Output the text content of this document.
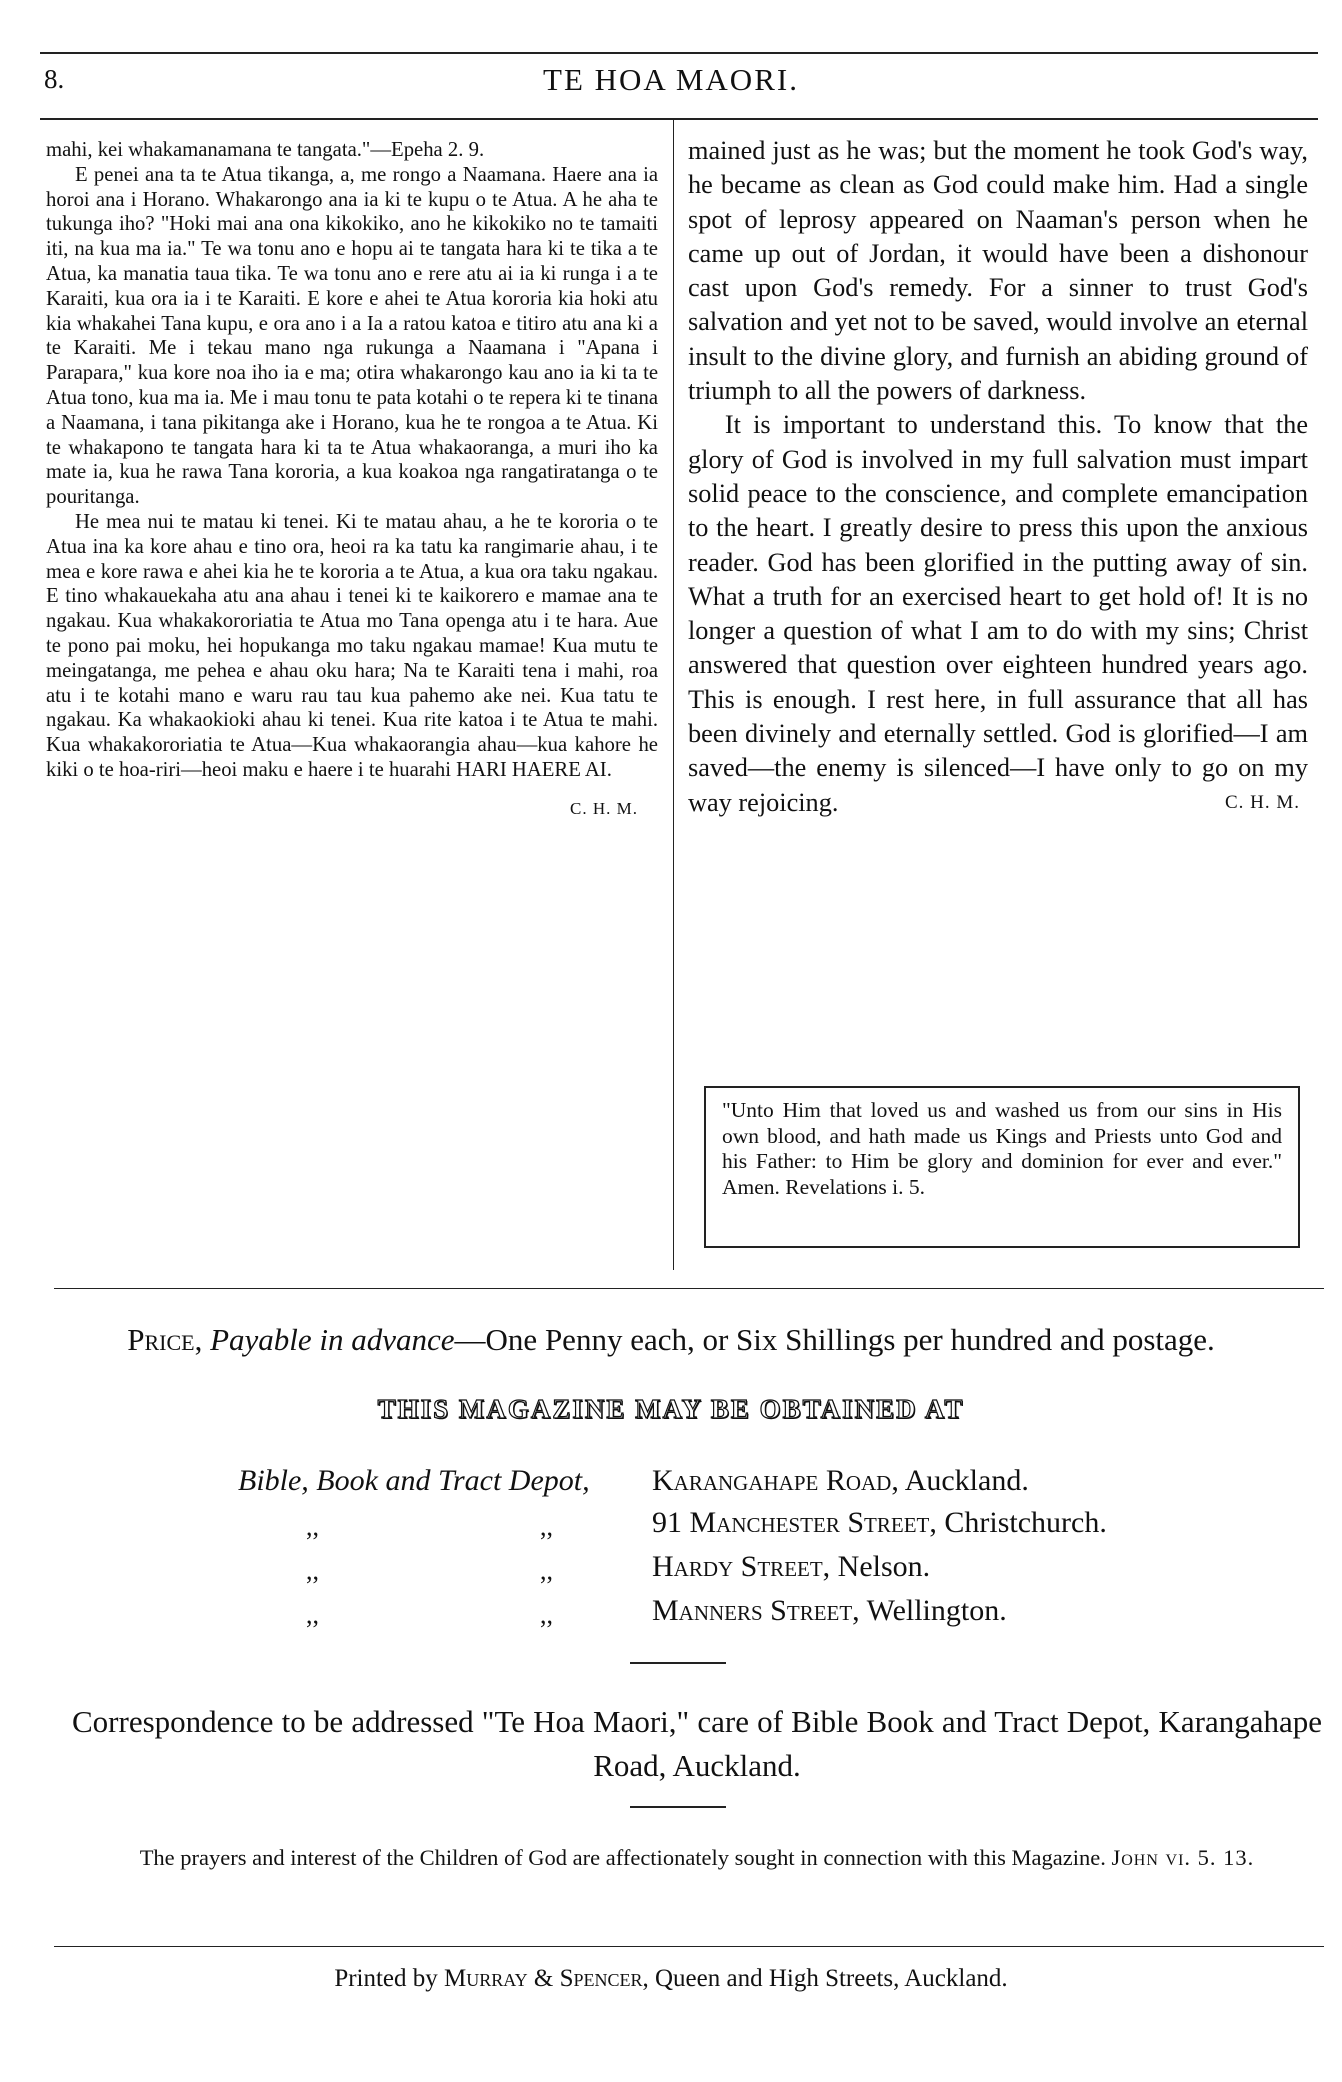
8.	TE HOA MAORI.

mahi, kei whakamanamana te tangata."—Epeha 2. 9.

E penei ana ta te Atua tikanga, a, me rongo a Naamana. Haere ana ia horoi ana i Horano. Whakarongo ana ia ki te kupu o te Atua. A he aha te tukunga iho? "Hoki mai ana ona kikokiko, ano he kikokiko no te tamaiti iti, na kua ma ia." Te wa tonu ano e hopu ai te tangata hara ki te tika a te Atua, ka manatia taua tika. Te wa tonu ano e rere atu ai ia ki runga i a te Karaiti, kua ora ia i te Karaiti. E kore e ahei te Atua kororia kia hoki atu kia whakahei Tana kupu, e ora ano i a Ia a ratou katoa e titiro atu ana ki a te Karaiti. Me i tekau mano nga rukunga a Naamana i "Apana i Parapara," kua kore noa iho ia e ma; otira whakarongo kau ano ia ki ta te Atua tono, kua ma ia. Me i mau tonu te pata kotahi o te repera ki te tinana a Naamana, i tana pikitanga ake i Horano, kua he te rongoa a te Atua. Ki te whakapono te tangata hara ki ta te Atua whakaoranga, a muri iho ka mate ia, kua he rawa Tana kororia, a kua koakoa nga rangatiratanga o te pouritanga.

He mea nui te matau ki tenei. Ki te matau ahau, a he te kororia o te Atua ina ka kore ahau e tino ora, heoi ra ka tatu ka rangimarie ahau, i te mea e kore rawa e ahei kia he te kororia a te Atua, a kua ora taku ngakau. E tino whakauekaha atu ana ahau i tenei ki te kaikorero e mamae ana te ngakau. Kua whakakororiatia te Atua mo Tana openga atu i te hara. Aue te pono pai moku, hei hopukanga mo taku ngakau mamae! Kua mutu te meingatanga, me pehea e ahau oku hara; Na te Karaiti tena i mahi, roa atu i te kotahi mano e waru rau tau kua pahemo ake nei. Kua tatu te ngakau. Ka whakaokioki ahau ki tenei. Kua rite katoa i te Atua te mahi. Kua whakakororiatia te Atua—Kua whakaorangia ahau—kua kahore he kiki o te hoa-riri—heoi maku e haere i te huarahi HARI HAERE AI.

C. H. M.

mained just as he was; but the moment he took God's way, he became as clean as God could make him. Had a single spot of leprosy appeared on Naaman's person when he came up out of Jordan, it would have been a dishonour cast upon God's remedy. For a sinner to trust God's salvation and yet not to be saved, would involve an eternal insult to the divine glory, and furnish an abiding ground of triumph to all the powers of darkness.

It is important to understand this. To know that the glory of God is involved in my full salvation must impart solid peace to the conscience, and complete emancipation to the heart. I greatly desire to press this upon the anxious reader. God has been glorified in the putting away of sin. What a truth for an exercised heart to get hold of! It is no longer a question of what I am to do with my sins; Christ answered that question over eighteen hundred years ago. This is enough. I rest here, in full assurance that all has been divinely and eternally settled. God is glorified—I am saved—the enemy is silenced—I have only to go on my way rejoicing.	C. H. M.

"Unto Him that loved us and washed us from our sins in His own blood, and hath made us Kings and Priests unto God and his Father: to Him be glory and dominion for ever and ever." Amen. Revelations i. 5.

Price, Payable in advance—One Penny each, or Six Shillings per hundred and postage.
THIS MAGAZINE MAY BE OBTAINED AT
Bible, Book and Tract Depot, Karangahape Road, Auckland.
,,	,,	91 Manchester Street, Christchurch.
,,	,,	Hardy Street, Nelson.
,,	,,	Manners Street, Wellington.
Correspondence to be addressed "Te Hoa Maori," care of Bible Book and Tract Depot, Karangahape Road, Auckland.
The prayers and interest of the Children of God are affectionately sought in connection with this Magazine. John vi. 5. 13.
Printed by Murray & Spencer, Queen and High Streets, Auckland.
